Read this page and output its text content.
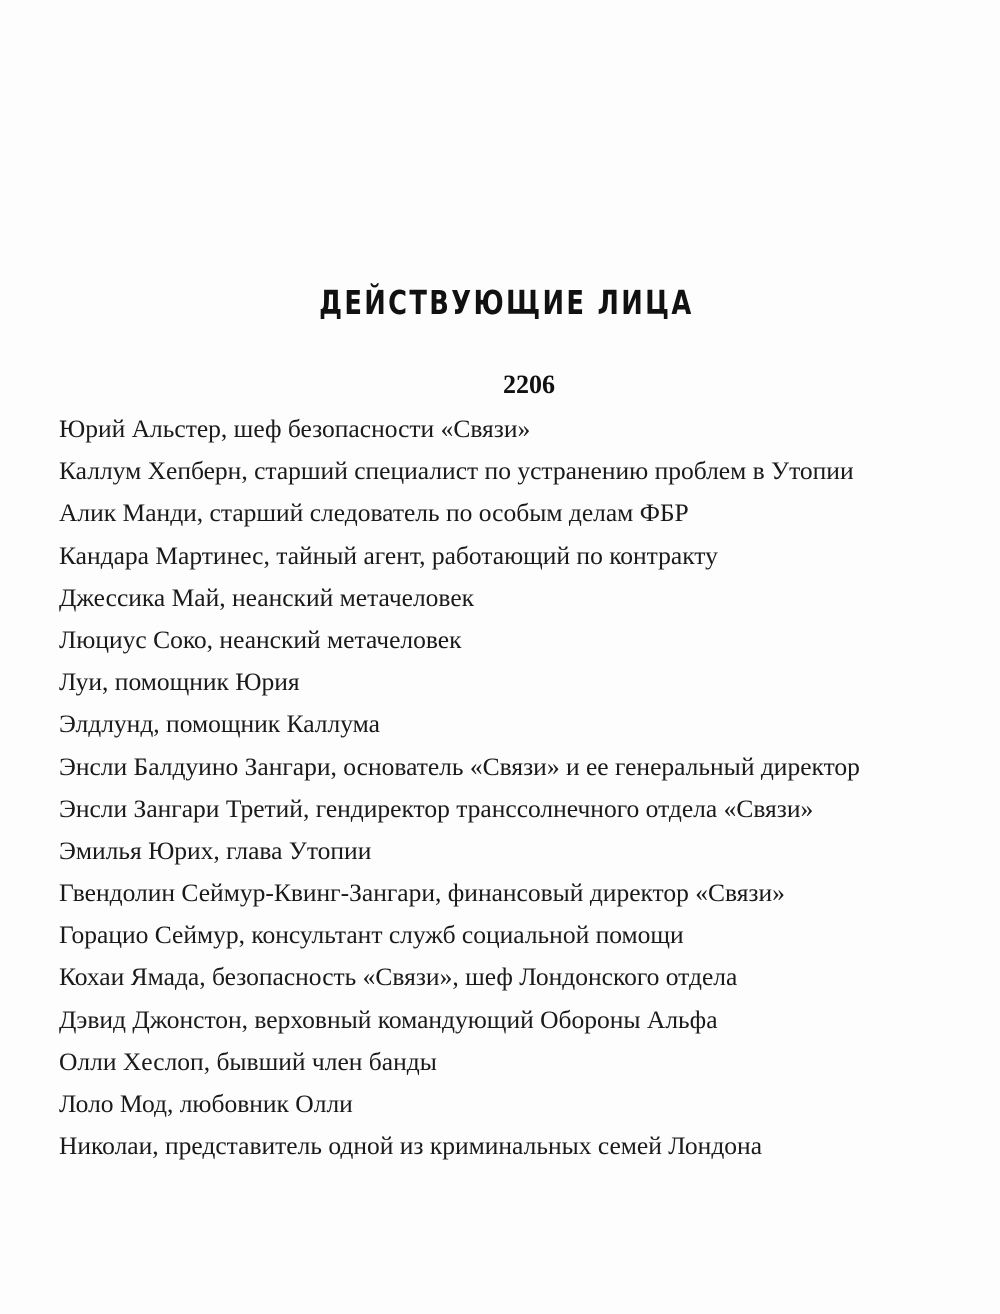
ДЕЙСТВУЮЩИЕ ЛИЦА
2206
Юрий Альстер, шеф безопасности «Связи»
Каллум Хепберн, старший специалист по устранению проблем в Утопии
Алик Манди, старший следователь по особым делам ФБР
Кандара Мартинес, тайный агент, работающий по контракту
Джессика Май, неанский метачеловек
Люциус Соко, неанский метачеловек
Луи, помощник Юрия
Элдлунд, помощник Каллума
Энсли Балдуино Зангари, основатель «Связи» и ее генеральный директор
Энсли Зангари Третий, гендиректор транссолнечного отдела «Связи»
Эмилья Юрих, глава Утопии
Гвендолин Сеймур-Квинг-Зангари, финансовый директор «Связи»
Горацио Сеймур, консультант служб социальной помощи
Кохаи Ямада, безопасность «Связи», шеф Лондонского отдела
Дэвид Джонстон, верховный командующий Обороны Альфа
Олли Хеслоп, бывший член банды
Лоло Мод, любовник Олли
Николаи, представитель одной из криминальных семей Лондона
